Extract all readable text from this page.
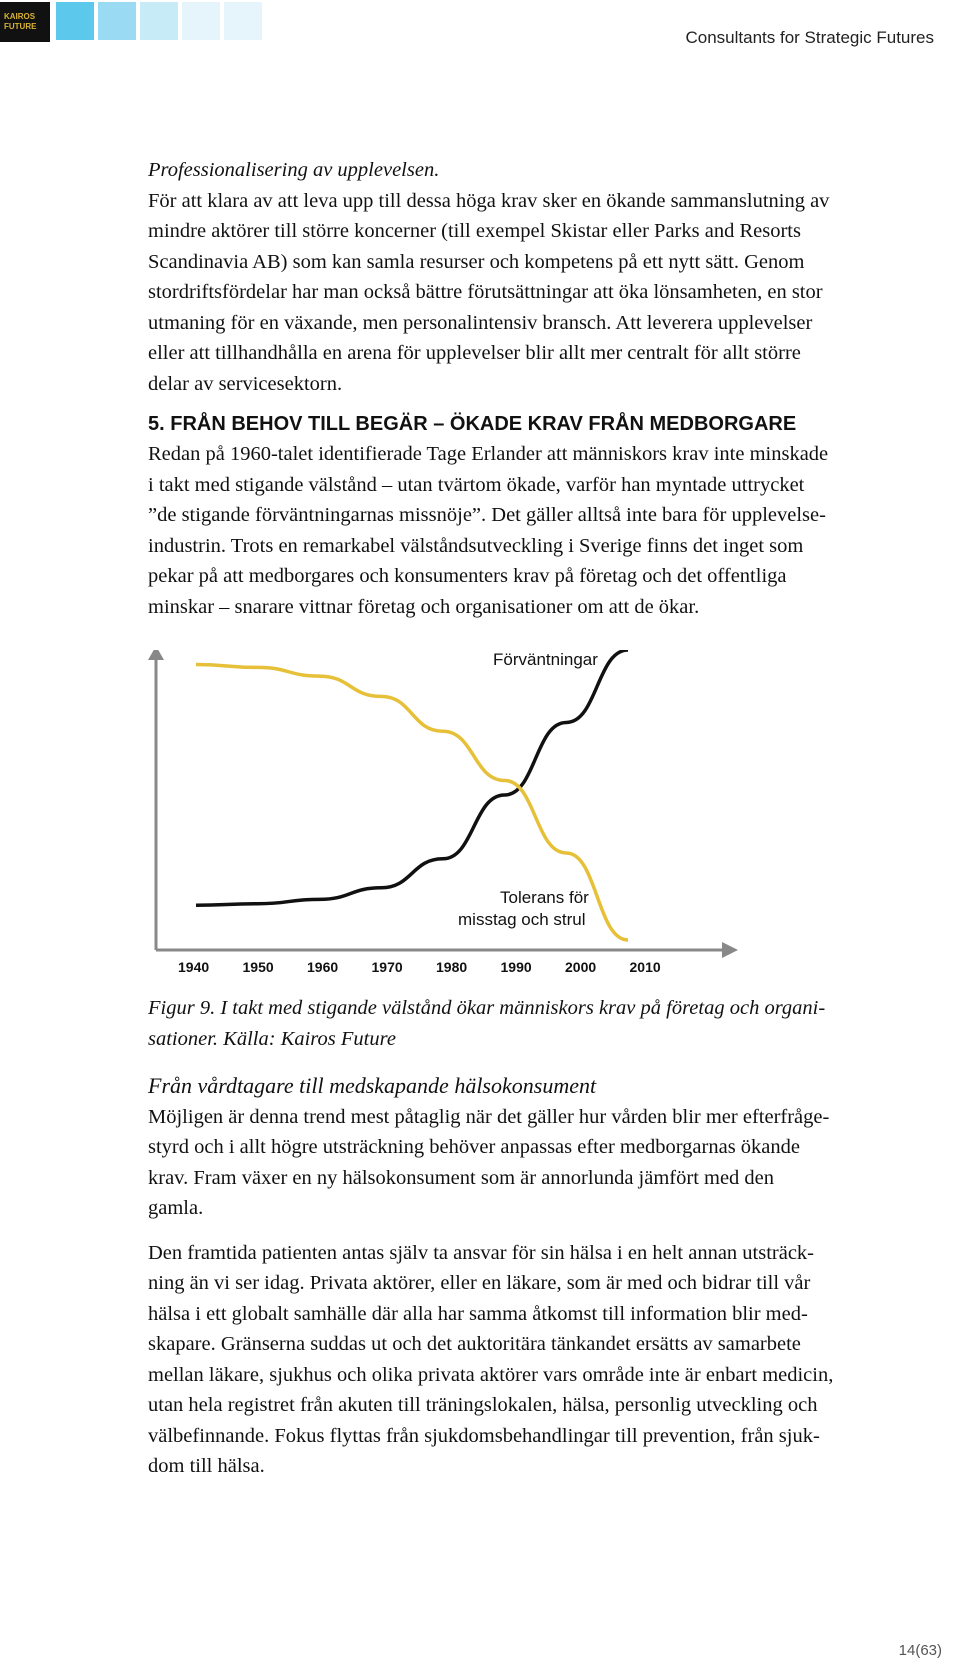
KAIROS
FUTURE
Consultants for Strategic Futures
Professionalisering av upplevelsen.
För att klara av att leva upp till dessa höga krav sker en ökande sammanslutning av
mindre aktörer till större koncerner (till exempel Skistar eller Parks and Resorts
Scandinavia AB) som kan samla resurser och kompetens på ett nytt sätt. Genom
stordriftsfördelar har man också bättre förutsättningar att öka lönsamheten, en stor
utmaning för en växande, men personalintensiv bransch. Att leverera upplevelser
eller att tillhandhålla en arena för upplevelser blir allt mer centralt för allt större
delar av servicesektorn.
5. FRÅN BEHOV TILL BEGÄR – ÖKADE KRAV FRÅN MEDBORGARE
Redan på 1960-talet identifierade Tage Erlander att människors krav inte minskade
i takt med stigande välstånd – utan tvärtom ökade, varför han myntade uttrycket
”de stigande förväntningarnas missnöje”. Det gäller alltså inte bara för upplevelse-
industrin. Trots en remarkabel välståndsutveckling i Sverige finns det inget som
pekar på att medborgares och konsumenters krav på företag och det offentliga
minskar – snarare vittnar företag och organisationer om att de ökar.
Förväntningar
Tolerans för
misstag och strul
1940 1950 1960 1970 1980 1990 2000 2010
Figur 9. I takt med stigande välstånd ökar människors krav på företag och organi-
sationer. Källa: Kairos Future
Från vårdtagare till medskapande hälsokonsument
Möjligen är denna trend mest påtaglig när det gäller hur vården blir mer efterfråge-
styrd och i allt högre utsträckning behöver anpassas efter medborgarnas ökande
krav. Fram växer en ny hälsokonsument som är annorlunda jämfört med den
gamla.
Den framtida patienten antas själv ta ansvar för sin hälsa i en helt annan utsträck-
ning än vi ser idag. Privata aktörer, eller en läkare, som är med och bidrar till vår
hälsa i ett globalt samhälle där alla har samma åtkomst till information blir med-
skapare. Gränserna suddas ut och det auktoritära tänkandet ersätts av samarbete
mellan läkare, sjukhus och olika privata aktörer vars område inte är enbart medicin,
utan hela registret från akuten till träningslokalen, hälsa, personlig utveckling och
välbefinnande. Fokus flyttas från sjukdomsbehandlingar till prevention, från sjuk-
dom till hälsa.
14(63)
